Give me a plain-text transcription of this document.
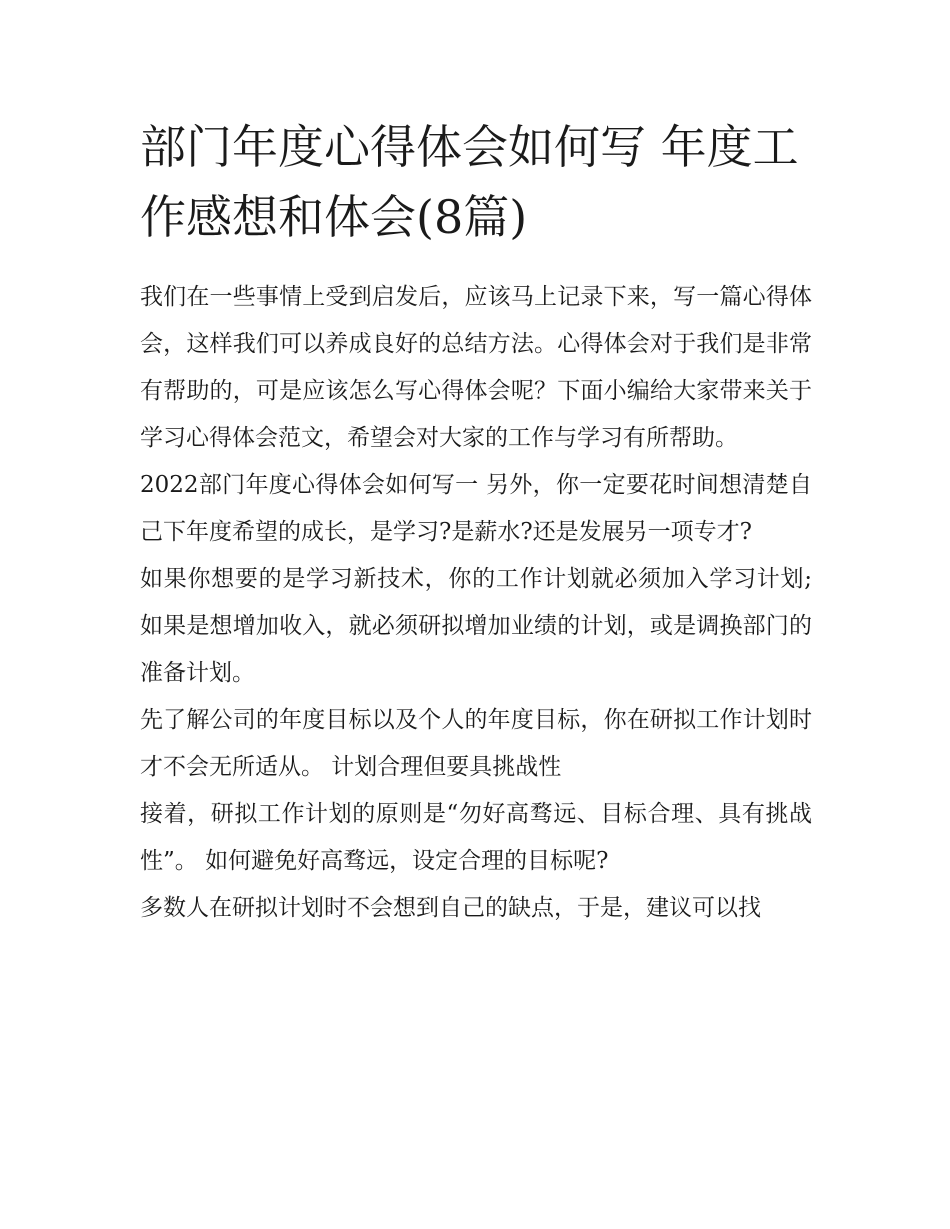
部门年度心得体会如何写 年度工作感想和体会(8篇)

我们在一些事情上受到启发后，应该马上记录下来，写一篇心得体会，这样我们可以养成良好的总结方法。心得体会对于我们是非常有帮助的，可是应该怎么写心得体会呢？下面小编给大家带来关于学习心得体会范文，希望会对大家的工作与学习有所帮助。

2022部门年度心得体会如何写一 另外，你一定要花时间想清楚自己下年度希望的成长，是学习?是薪水?还是发展另一项专才?

如果你想要的是学习新技术，你的工作计划就必须加入学习计划;如果是想增加收入，就必须研拟增加业绩的计划，或是调换部门的准备计划。

先了解公司的年度目标以及个人的年度目标，你在研拟工作计划时才不会无所适从。 计划合理但要具挑战性

接着，研拟工作计划的原则是“勿好高骛远、目标合理、具有挑战性”。 如何避免好高骛远，设定合理的目标呢?

多数人在研拟计划时不会想到自己的缺点，于是，建议可以找
